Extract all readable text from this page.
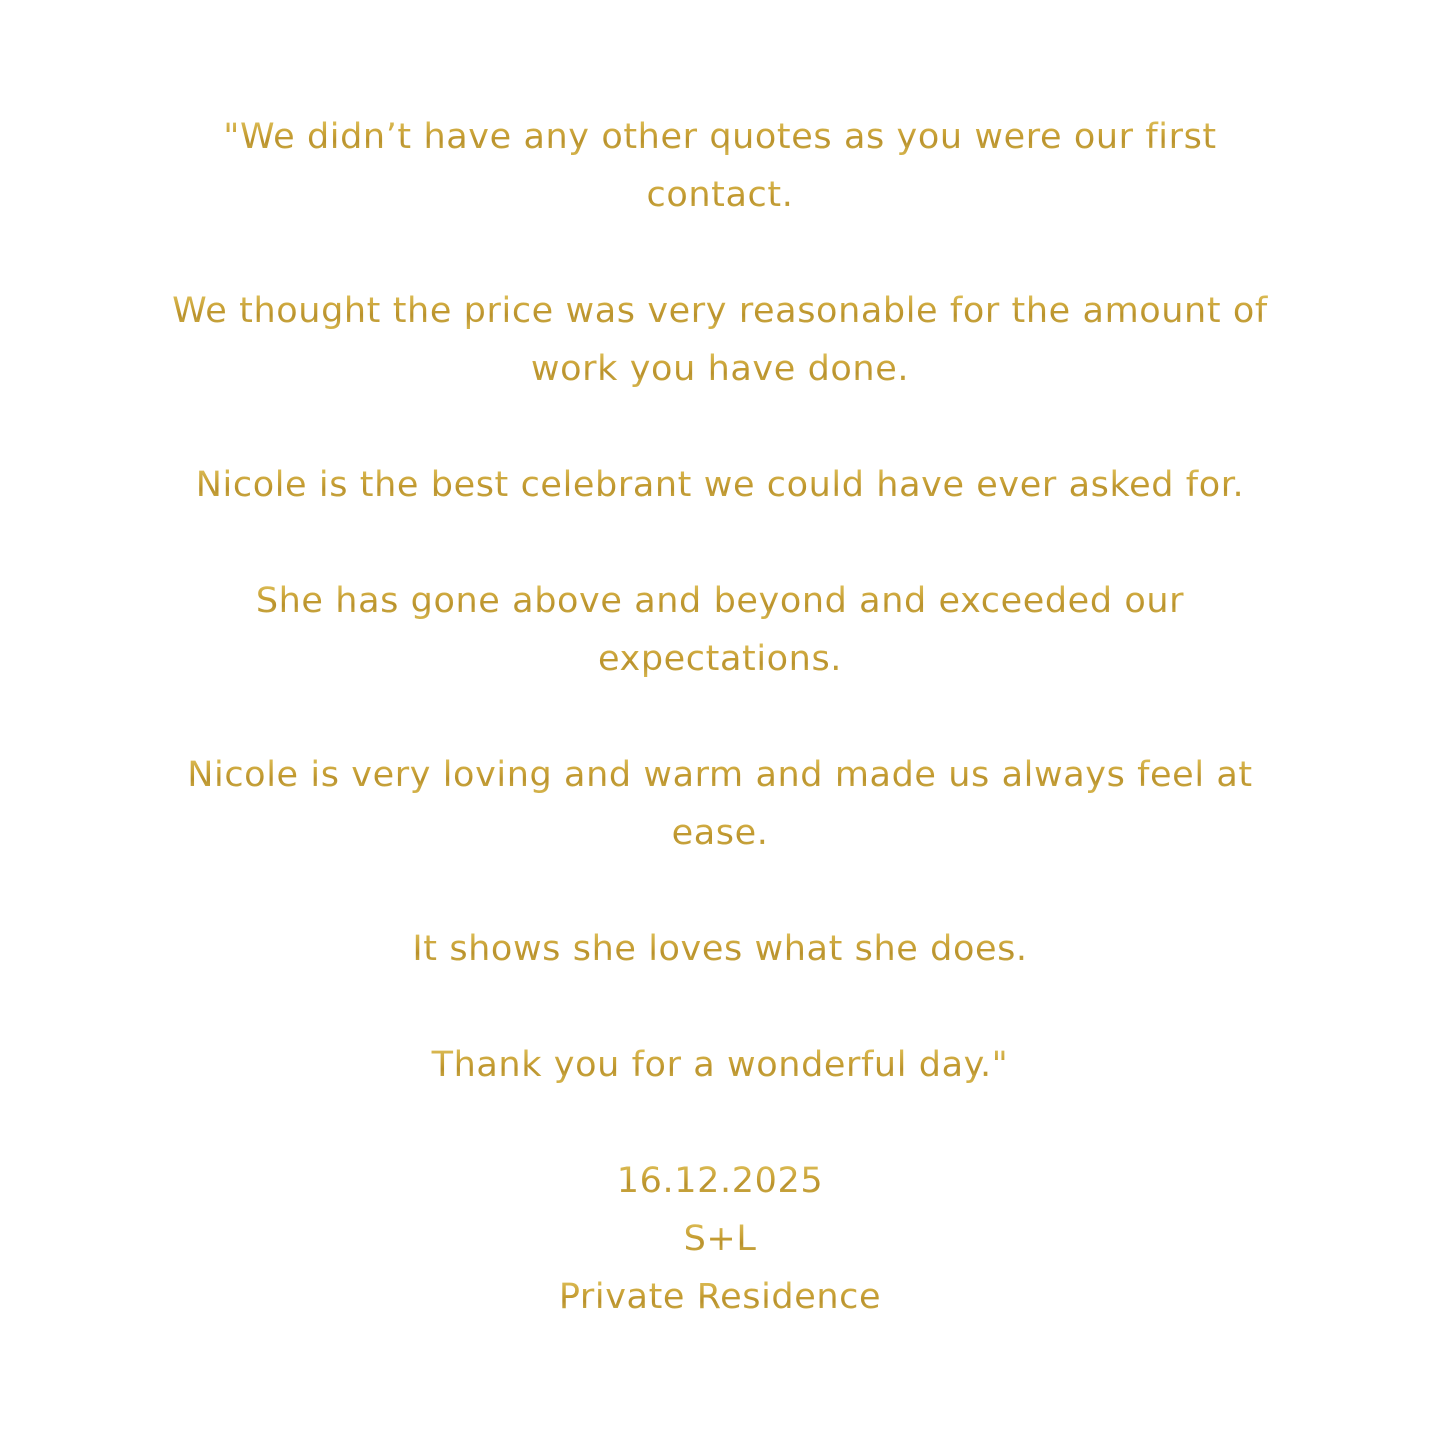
"We didn’t have any other quotes as you were our first
contact.
We thought the price was very reasonable for the amount of
work you have done.
Nicole is the best celebrant we could have ever asked for.
She has gone above and beyond and exceeded our
expectations.
Nicole is very loving and warm and made us always feel at
ease.
It shows she loves what she does.
Thank you for a wonderful day."
16.12.2025
S+L
Private Residence
